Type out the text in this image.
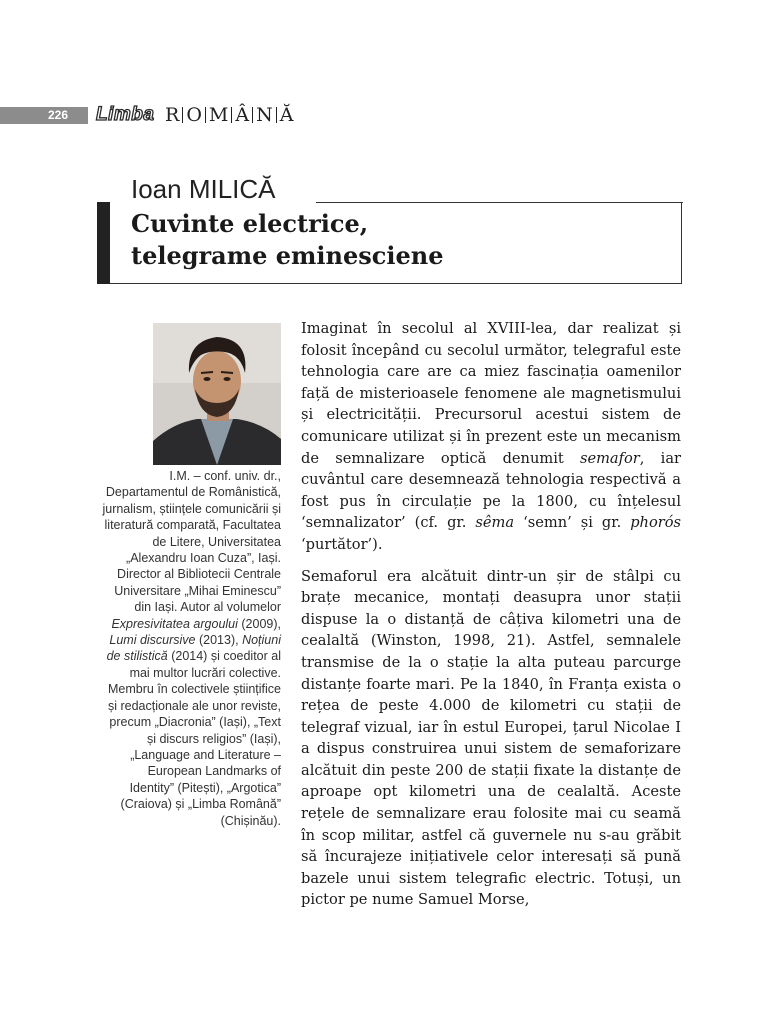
226 Limba R O M Â N Ă
Ioan MILICĂ
Cuvinte electrice,
telegrame eminesciene
I.M. – conf. univ. dr., Departamentul de Românistică, jurnalism, științele comunicării și literatură comparată, Facultatea de Litere, Universitatea „Alexandru Ioan Cuza”, Iași. Director al Bibliotecii Centrale Universitare „Mihai Eminescu” din Iași. Autor al volumelor Expresivitatea argoului (2009), Lumi discursive (2013), Noțiuni de stilistică (2014) și coeditor al mai multor lucrări colective. Membru în colectivele științifice și redacționale ale unor reviste, precum „Diacronia” (Iași), „Text și discurs religios” (Iași), „Language and Literature – European Landmarks of Identity” (Pitești), „Argotica” (Craiova) și „Limba Română” (Chișinău).

Imaginat în secolul al XVIII-lea, dar realizat și folosit începând cu secolul următor, telegraful este tehnologia care are ca miez fascinația oamenilor față de misterioasele fenomene ale magnetismului și electricității. Precursorul acestui sistem de comunicare utilizat și în prezent este un mecanism de semnalizare optică denumit semafor, iar cuvântul care desemnează tehnologia respectivă a fost pus în circulație pe la 1800, cu înțelesul ‘semnalizator’ (cf. gr. sêma ‘semn’ și gr. phorós ‘purtător’).

Semaforul era alcătuit dintr-un șir de stâlpi cu brațe mecanice, montați deasupra unor stații dispuse la o distanță de câțiva kilometri una de cealaltă (Winston, 1998, 21). Astfel, semnalele transmise de la o stație la alta puteau parcurge distanțe foarte mari. Pe la 1840, în Franța exista o rețea de peste 4.000 de kilometri cu stații de telegraf vizual, iar în estul Europei, țarul Nicolae I a dispus construirea unui sistem de semaforizare alcătuit din peste 200 de stații fixate la distanțe de aproape opt kilometri una de cealaltă. Aceste rețele de semnalizare erau folosite mai cu seamă în scop militar, astfel că guvernele nu s-au grăbit să încurajeze inițiativele celor interesați să pună bazele unui sistem telegrafic electric. Totuși, un pictor pe nume Samuel Morse,
